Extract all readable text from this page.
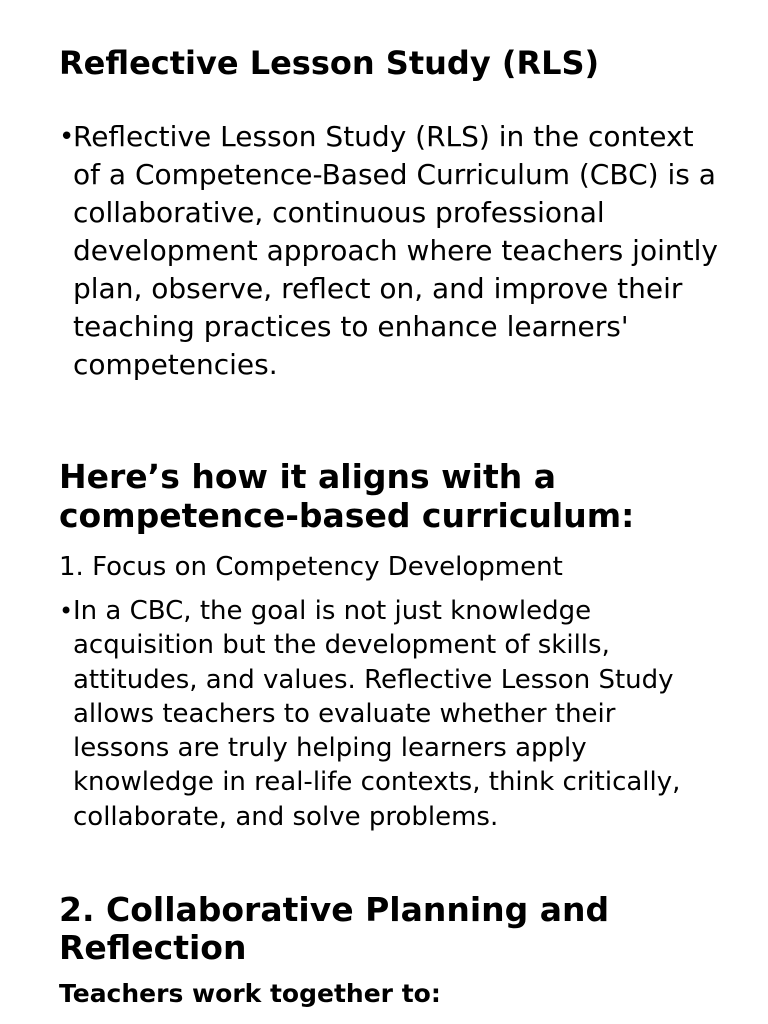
Reflective Lesson Study (RLS)
•
Reflective Lesson Study (RLS) in the context of a Competence-Based Curriculum (CBC) is a collaborative, continuous professional development approach where teachers jointly plan, observe, reflect on, and improve their teaching practices to enhance learners' competencies.
Here’s how it aligns with a competence-based curriculum:

1. Focus on Competency Development

• In a CBC, the goal is not just knowledge acquisition but the development of skills, attitudes, and values. Reflective Lesson Study allows teachers to evaluate whether their lessons are truly helping learners apply knowledge in real-life contexts, think critically, collaborate, and solve problems.
2. Collaborative Planning and Reflection

Teachers work together to:
